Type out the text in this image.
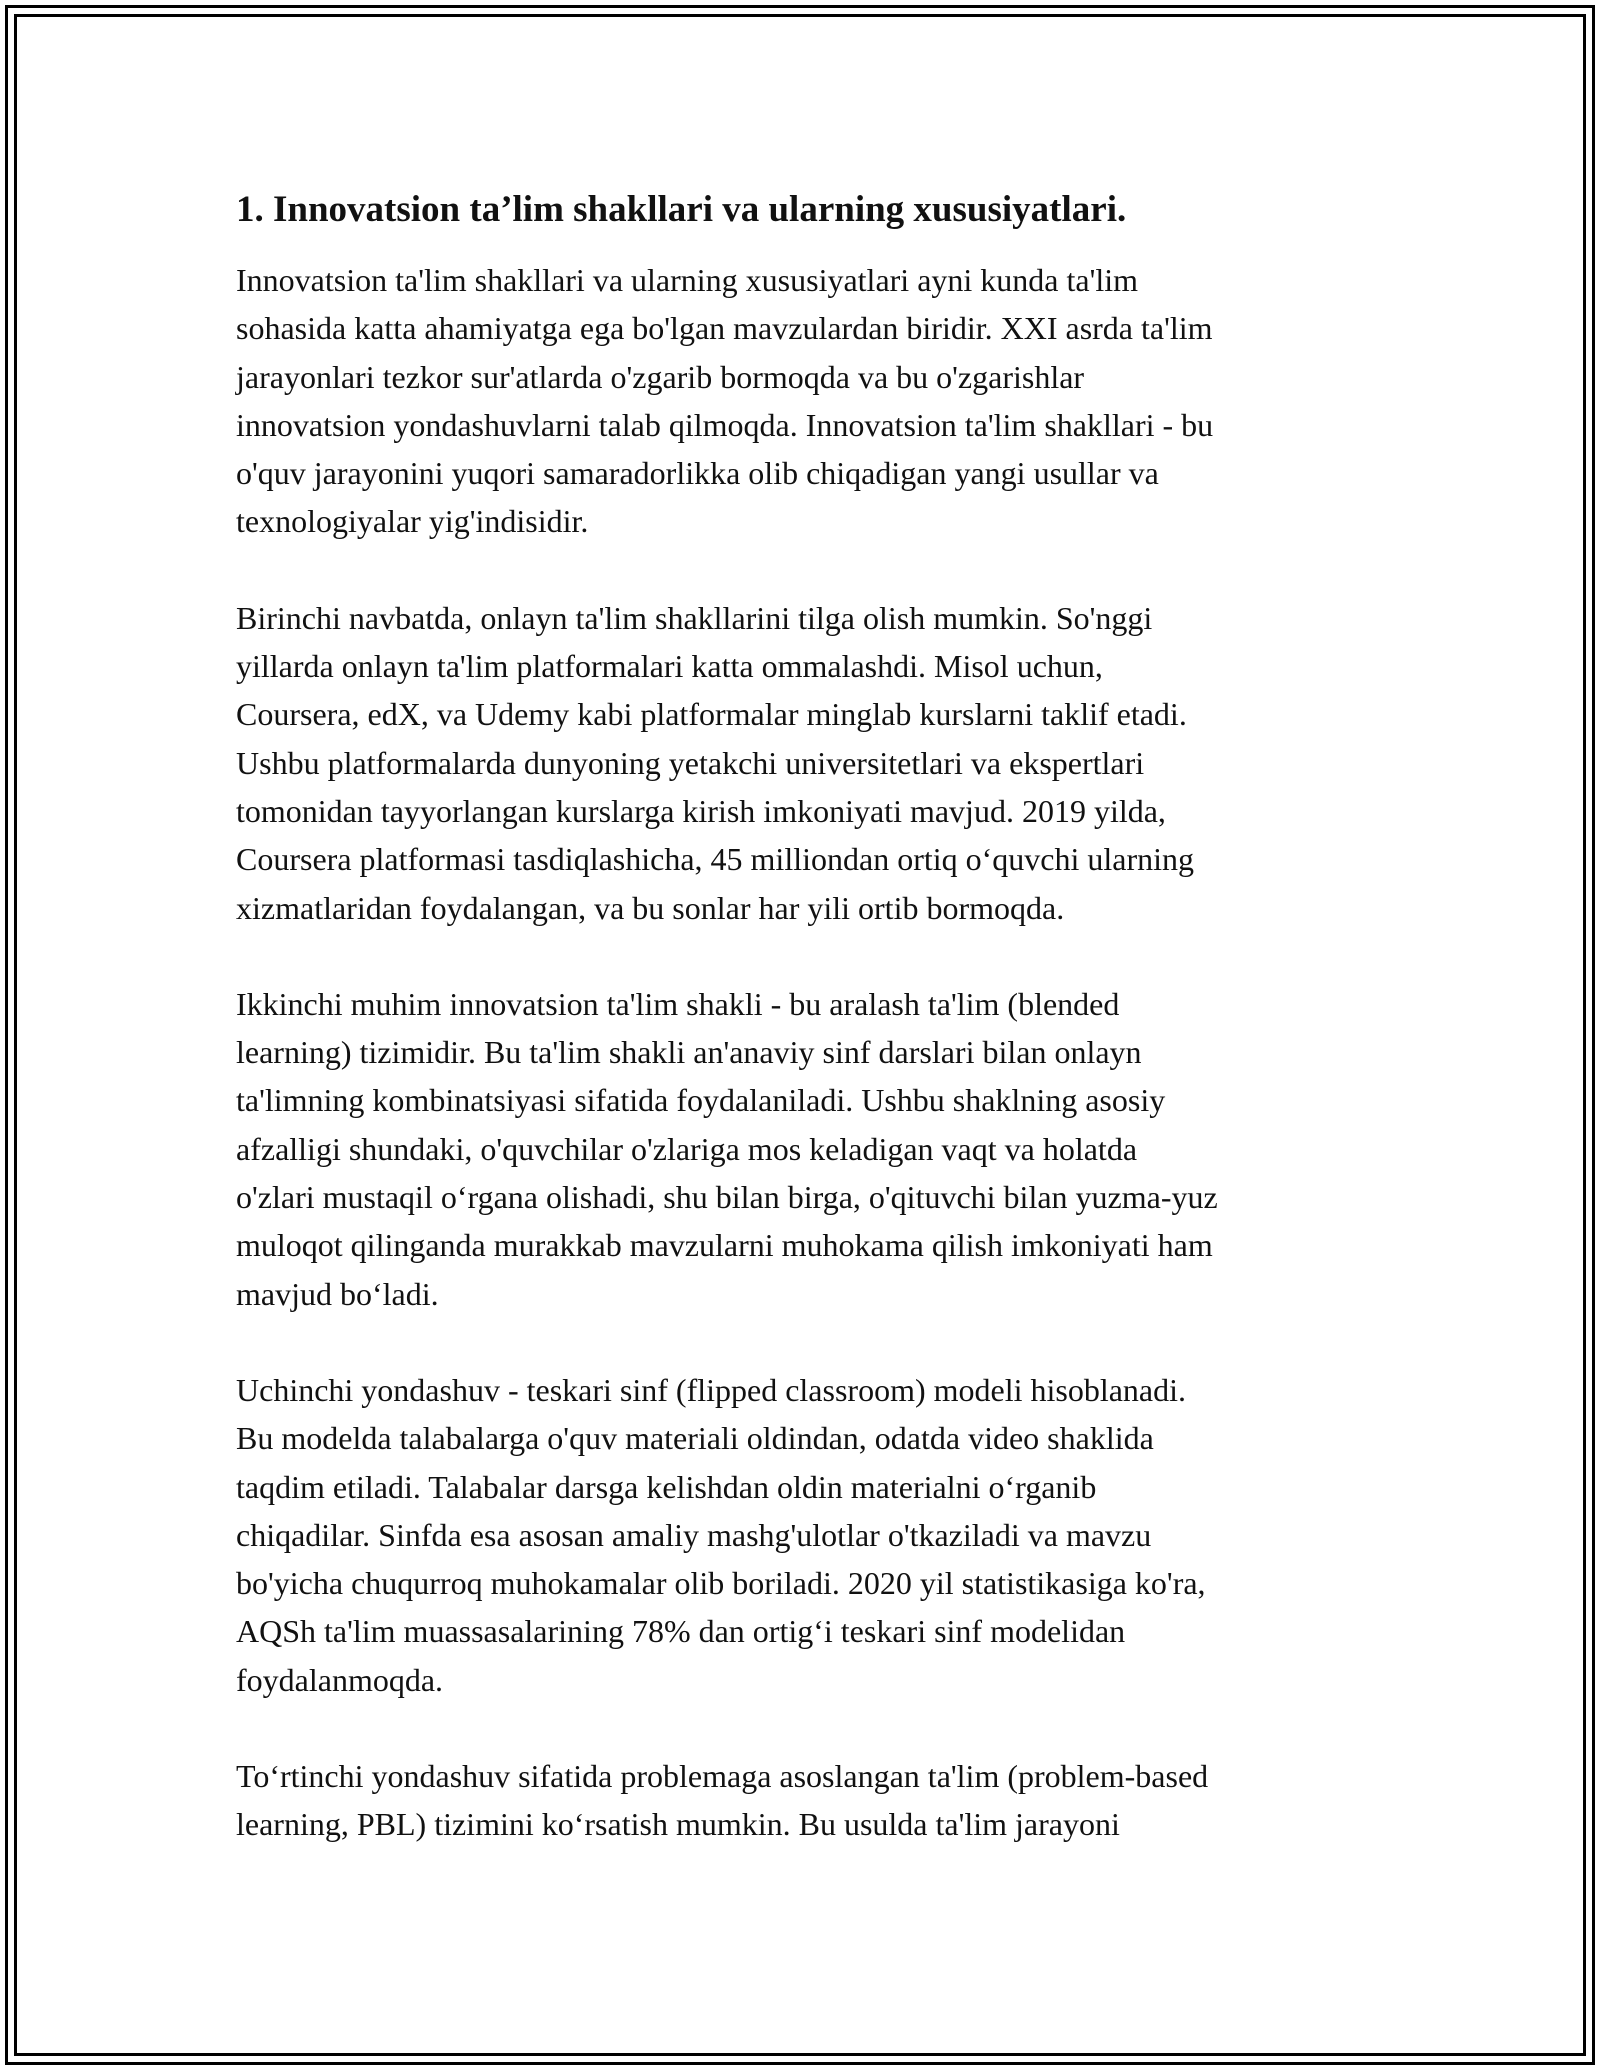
1. Innovatsion ta’lim shakllari va ularning xususiyatlari.

Innovatsion ta'lim shakllari va ularning xususiyatlari ayni kunda ta'lim
sohasida katta ahamiyatga ega bo'lgan mavzulardan biridir. XXI asrda ta'lim
jarayonlari tezkor sur'atlarda o'zgarib bormoqda va bu o'zgarishlar
innovatsion yondashuvlarni talab qilmoqda. Innovatsion ta'lim shakllari - bu
o'quv jarayonini yuqori samaradorlikka olib chiqadigan yangi usullar va
texnologiyalar yig'indisidir.

Birinchi navbatda, onlayn ta'lim shakllarini tilga olish mumkin. So'nggi
yillarda onlayn ta'lim platformalari katta ommalashdi. Misol uchun,
Coursera, edX, va Udemy kabi platformalar minglab kurslarni taklif etadi.
Ushbu platformalarda dunyoning yetakchi universitetlari va ekspertlari
tomonidan tayyorlangan kurslarga kirish imkoniyati mavjud. 2019 yilda,
Coursera platformasi tasdiqlashicha, 45 milliondan ortiq o‘quvchi ularning
xizmatlaridan foydalangan, va bu sonlar har yili ortib bormoqda.

Ikkinchi muhim innovatsion ta'lim shakli - bu aralash ta'lim (blended
learning) tizimidir. Bu ta'lim shakli an'anaviy sinf darslari bilan onlayn
ta'limning kombinatsiyasi sifatida foydalaniladi. Ushbu shaklning asosiy
afzalligi shundaki, o'quvchilar o'zlariga mos keladigan vaqt va holatda
o'zlari mustaqil o‘rgana olishadi, shu bilan birga, o'qituvchi bilan yuzma-yuz
muloqot qilinganda murakkab mavzularni muhokama qilish imkoniyati ham
mavjud bo‘ladi.

Uchinchi yondashuv - teskari sinf (flipped classroom) modeli hisoblanadi.
Bu modelda talabalarga o'quv materiali oldindan, odatda video shaklida
taqdim etiladi. Talabalar darsga kelishdan oldin materialni o‘rganib
chiqadilar. Sinfda esa asosan amaliy mashg'ulotlar o'tkaziladi va mavzu
bo'yicha chuqurroq muhokamalar olib boriladi. 2020 yil statistikasiga ko'ra,
AQSh ta'lim muassasalarining 78% dan ortig‘i teskari sinf modelidan
foydalanmoqda.

To‘rtinchi yondashuv sifatida problemaga asoslangan ta'lim (problem-based
learning, PBL) tizimini ko‘rsatish mumkin. Bu usulda ta'lim jarayoni
